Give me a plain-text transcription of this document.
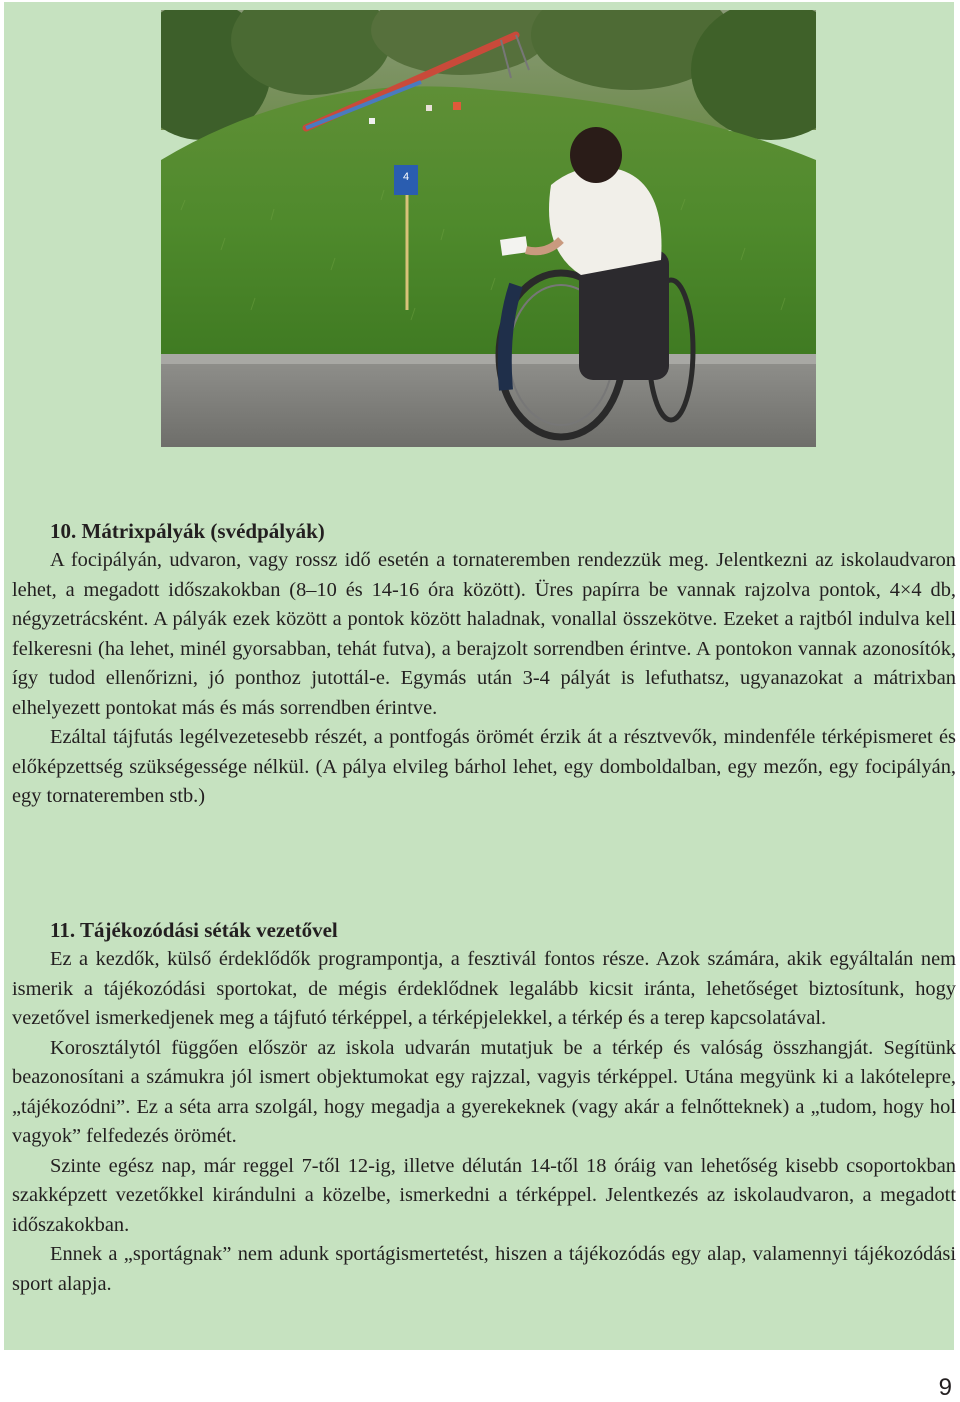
4
10. Mátrixpályák (svédpályák)

A focipályán, udvaron, vagy rossz idő esetén a tornateremben rendezzük meg. Jelentkezni az iskolaudvaron lehet, a megadott időszakokban (8–10 és 14-16 óra között). Üres papírra be vannak rajzolva pontok, 4×4 db, négyzetrácsként. A pályák ezek között a pontok között haladnak, vonallal összekötve. Ezeket a rajtból indulva kell felkeresni (ha lehet, minél gyorsabban, tehát futva), a berajzolt sorrendben érintve. A pontokon vannak azonosítók, így tudod ellenőrizni, jó ponthoz jutottál-e. Egymás után 3-4 pályát is lefuthatsz, ugyanazokat a mátrixban elhelyezett pontokat más és más sorrendben érintve.

Ezáltal tájfutás legélvezetesebb részét, a pontfogás örömét érzik át a résztvevők, mindenféle térképismeret és előképzettség szükségessége nélkül. (A pálya elvileg bárhol lehet, egy domboldalban, egy mezőn, egy focipályán, egy tornateremben stb.)

11. Tájékozódási séták vezetővel

Ez a kezdők, külső érdeklődők programpontja, a fesztivál fontos része. Azok számára, akik egyáltalán nem ismerik a tájékozódási sportokat, de mégis érdeklődnek legalább kicsit iránta, lehetőséget biztosítunk, hogy vezetővel ismerkedjenek meg a tájfutó térképpel, a térképjelekkel, a térkép és a terep kapcsolatával.

Korosztálytól függően először az iskola udvarán mutatjuk be a térkép és valóság összhangját. Segítünk beazonosítani a számukra jól ismert objektumokat egy rajzzal, vagyis térképpel. Utána megyünk ki a lakótelepre, „tájékozódni”. Ez a séta arra szolgál, hogy megadja a gyerekeknek (vagy akár a felnőtteknek) a „tudom, hogy hol vagyok” felfedezés örömét.

Szinte egész nap, már reggel 7-től 12-ig, illetve délután 14-től 18 óráig van lehetőség kisebb csoportokban szakképzett vezetőkkel kirándulni a közelbe, ismerkedni a térképpel. Jelentkezés az iskolaudvaron, a megadott időszakokban.

Ennek a „sportágnak” nem adunk sportágismertetést, hiszen a tájékozódás egy alap, valamennyi tájékozódási sport alapja.

9
